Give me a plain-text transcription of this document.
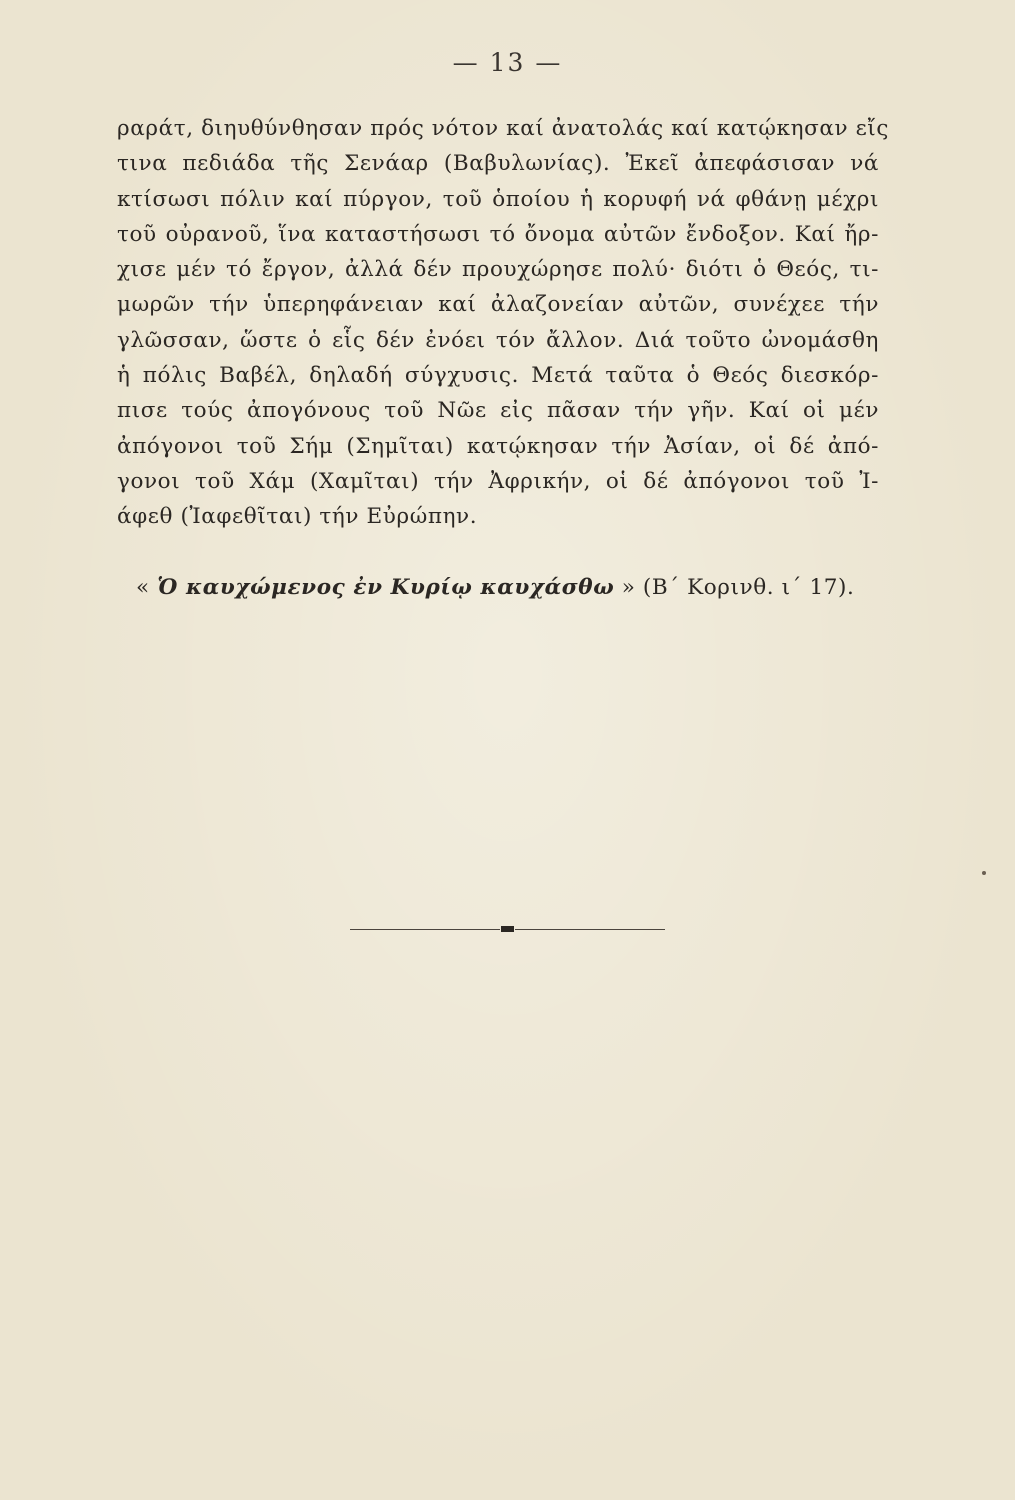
— 13 —
ραράτ, διηυθύνθησαν πρός νότον καί ἀνατολάς καί κατῴκησαν εἴς
τινα πεδιάδα τῆς Σενάαρ (Βαβυλωνίας). Ἐκεῖ ἀπεφάσισαν νά
κτίσωσι πόλιν καί πύργον, τοῦ ὁποίου ἡ κορυφή νά φθάνῃ μέχρι
τοῦ οὐρανοῦ, ἵνα καταστήσωσι τό ὄνομα αὐτῶν ἔνδοξον. Καί ἤρ-
χισε μέν τό ἔργον, ἀλλά δέν προυχώρησε πολύ· διότι ὁ Θεός, τι-
μωρῶν τήν ὑπερηφάνειαν καί ἀλαζονείαν αὐτῶν, συνέχεε τήν
γλῶσσαν, ὥστε ὁ εἷς δέν ἐνόει τόν ἄλλον. Διά τοῦτο ὠνομάσθη
ἡ πόλις Βαβέλ, δηλαδή σύγχυσις. Μετά ταῦτα ὁ Θεός διεσκόρ-
πισε τούς ἀπογόνους τοῦ Νῶε εἰς πᾶσαν τήν γῆν. Καί οἱ μέν
ἀπόγονοι τοῦ Σήμ (Σημῖται) κατῴκησαν τήν Ἀσίαν, οἱ δέ ἀπό-
γονοι τοῦ Χάμ (Χαμῖται) τήν Ἀφρικήν, οἱ δέ ἀπόγονοι τοῦ Ἰ-
άφεθ (Ἰαφεθῖται) τήν Εὐρώπην.
« Ὁ καυχώμενος ἐν Κυρίῳ καυχάσθω » (Β΄ Κορινθ. ι΄ 17).
